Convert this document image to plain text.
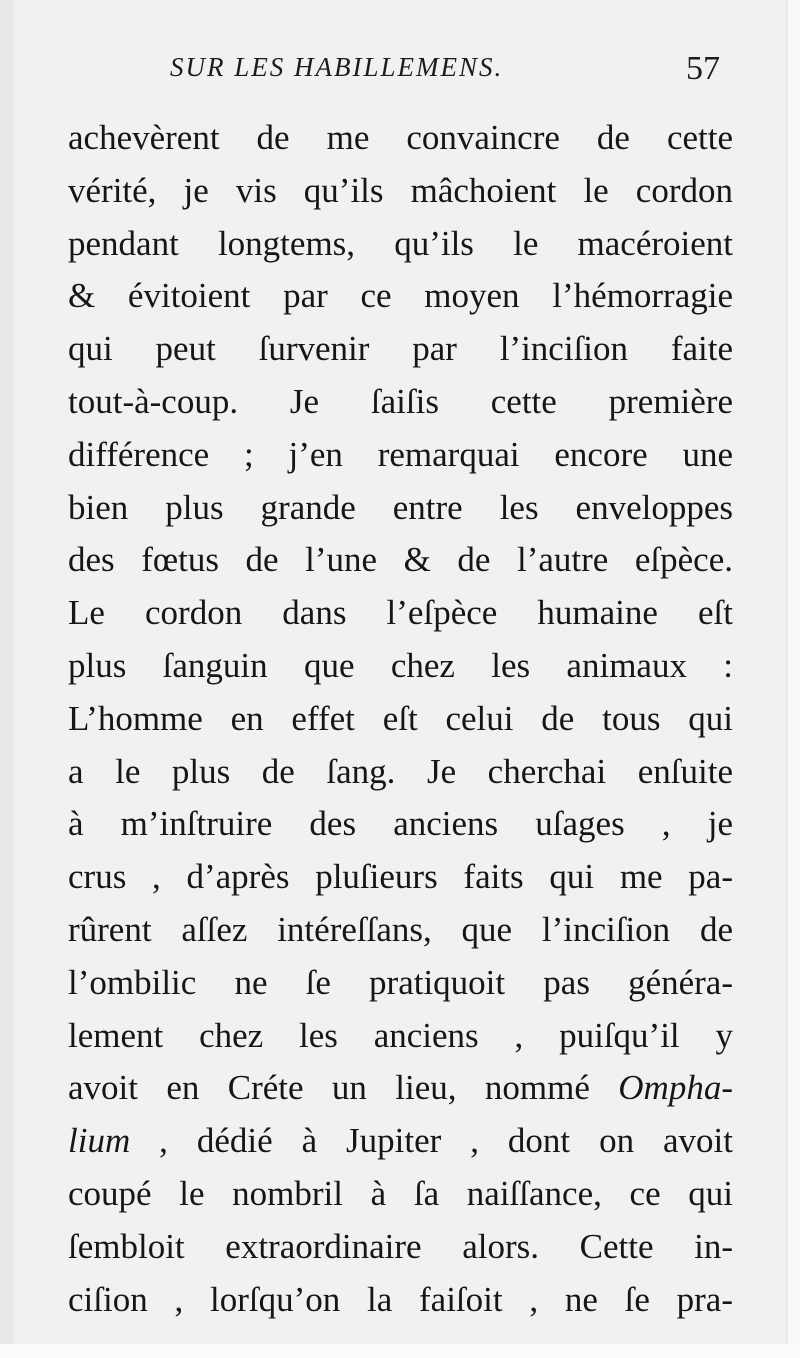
SUR LES HABILLEMENS.	57
achevèrent de me convaincre de cette
vérité, je vis qu’ils mâchoient le cordon
pendant longtems, qu’ils le macéroient
& évitoient par ce moyen l’hémorragie
qui peut ſurvenir par l’inciſion faite
tout-à-coup. Je ſaiſis cette première
différence ; j’en remarquai encore une
bien plus grande entre les enveloppes
des fœtus de l’une & de l’autre eſpèce.
Le cordon dans l’eſpèce humaine eſt
plus ſanguin que chez les animaux :
L’homme en effet eſt celui de tous qui
a le plus de ſang. Je cherchai enſuite
à m’inſtruire des anciens uſages , je
crus , d’après pluſieurs faits qui me pa-
rûrent aſſez intéreſſans, que l’inciſion de
l’ombilic ne ſe pratiquoit pas généra-
lement chez les anciens , puiſqu’il y
avoit en Créte un lieu, nommé Ompha-
lium , dédié à Jupiter , dont on avoit
coupé le nombril à ſa naiſſance, ce qui
ſembloit extraordinaire alors. Cette in-
ciſion , lorſqu’on la faiſoit , ne ſe pra-
